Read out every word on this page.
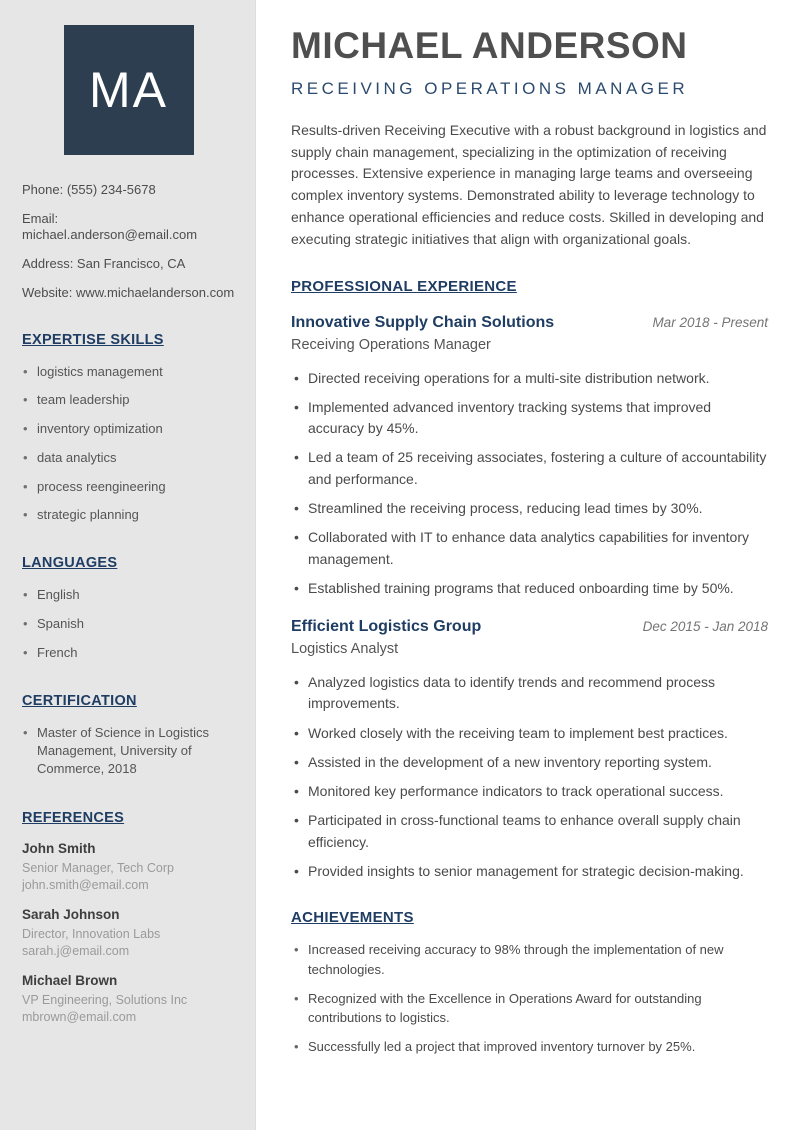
MA

Phone: (555) 234-5678

Email: michael.anderson@email.com

Address: San Francisco, CA

Website: www.michaelanderson.com

EXPERTISE SKILLS
• logistics management
• team leadership
• inventory optimization
• data analytics
• process reengineering
• strategic planning
LANGUAGES
• English
• Spanish
• French
CERTIFICATION
• Master of Science in Logistics Management, University of Commerce, 2018
REFERENCES
John Smith
Senior Manager, Tech Corp
john.smith@email.com
Sarah Johnson
Director, Innovation Labs
sarah.j@email.com
Michael Brown
VP Engineering, Solutions Inc
mbrown@email.com
MICHAEL ANDERSON
RECEIVING OPERATIONS MANAGER

Results-driven Receiving Executive with a robust background in logistics and supply chain management, specializing in the optimization of receiving processes. Extensive experience in managing large teams and overseeing complex inventory systems. Demonstrated ability to leverage technology to enhance operational efficiencies and reduce costs. Skilled in developing and executing strategic initiatives that align with organizational goals.

PROFESSIONAL EXPERIENCE
Innovative Supply Chain Solutions	Mar 2018 - Present
Receiving Operations Manager
• Directed receiving operations for a multi-site distribution network.
• Implemented advanced inventory tracking systems that improved accuracy by 45%.
• Led a team of 25 receiving associates, fostering a culture of accountability and performance.
• Streamlined the receiving process, reducing lead times by 30%.
• Collaborated with IT to enhance data analytics capabilities for inventory management.
• Established training programs that reduced onboarding time by 50%.
Efficient Logistics Group	Dec 2015 - Jan 2018
Logistics Analyst
• Analyzed logistics data to identify trends and recommend process improvements.
• Worked closely with the receiving team to implement best practices.
• Assisted in the development of a new inventory reporting system.
• Monitored key performance indicators to track operational success.
• Participated in cross-functional teams to enhance overall supply chain efficiency.
• Provided insights to senior management for strategic decision-making.
ACHIEVEMENTS
• Increased receiving accuracy to 98% through the implementation of new technologies.
• Recognized with the Excellence in Operations Award for outstanding contributions to logistics.
• Successfully led a project that improved inventory turnover by 25%.
